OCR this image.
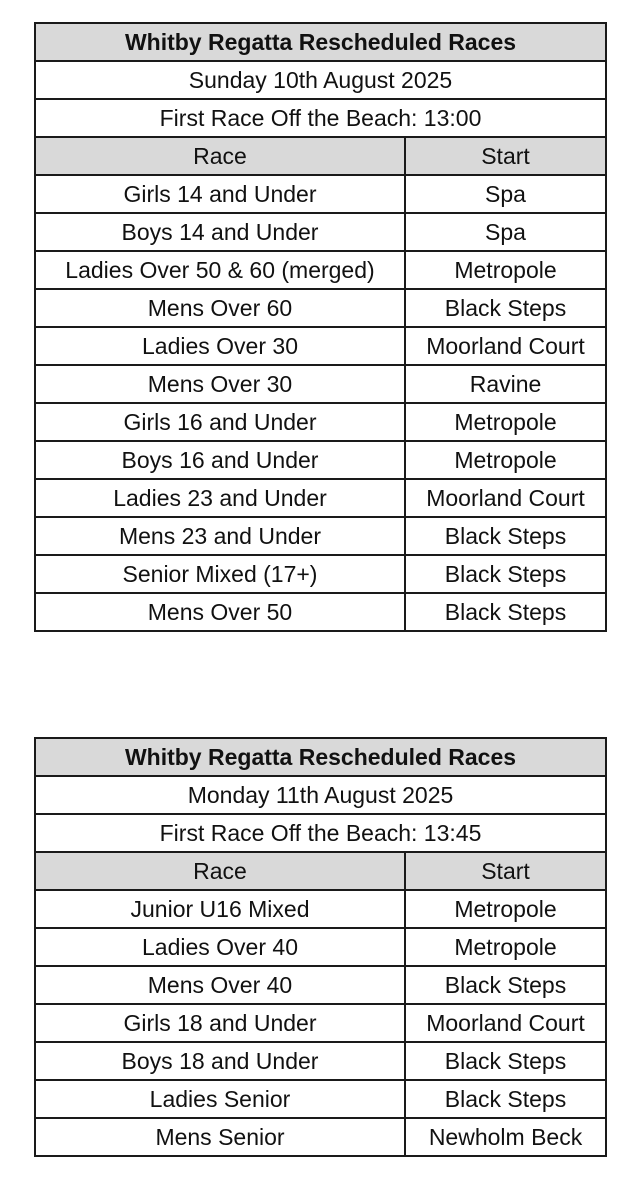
Whitby Regatta Rescheduled Races	
Sunday 10th August 2025	
First Race Off the Beach: 13:00	
Race	Start
Girls 14 and Under	Spa
Boys 14 and Under	Spa
Ladies Over 50 & 60 (merged)	Metropole
Mens Over 60	Black Steps
Ladies Over 30	Moorland Court
Mens Over 30	Ravine
Girls 16 and Under	Metropole
Boys 16 and Under	Metropole
Ladies 23 and Under	Moorland Court
Mens 23 and Under	Black Steps
Senior Mixed (17+)	Black Steps
Mens Over 50	Black Steps
Whitby Regatta Rescheduled Races	
Monday 11th August 2025	
First Race Off the Beach: 13:45	
Race	Start
Junior U16 Mixed	Metropole
Ladies Over 40	Metropole
Mens Over 40	Black Steps
Girls 18 and Under	Moorland Court
Boys 18 and Under	Black Steps
Ladies Senior	Black Steps
Mens Senior	Newholm Beck
